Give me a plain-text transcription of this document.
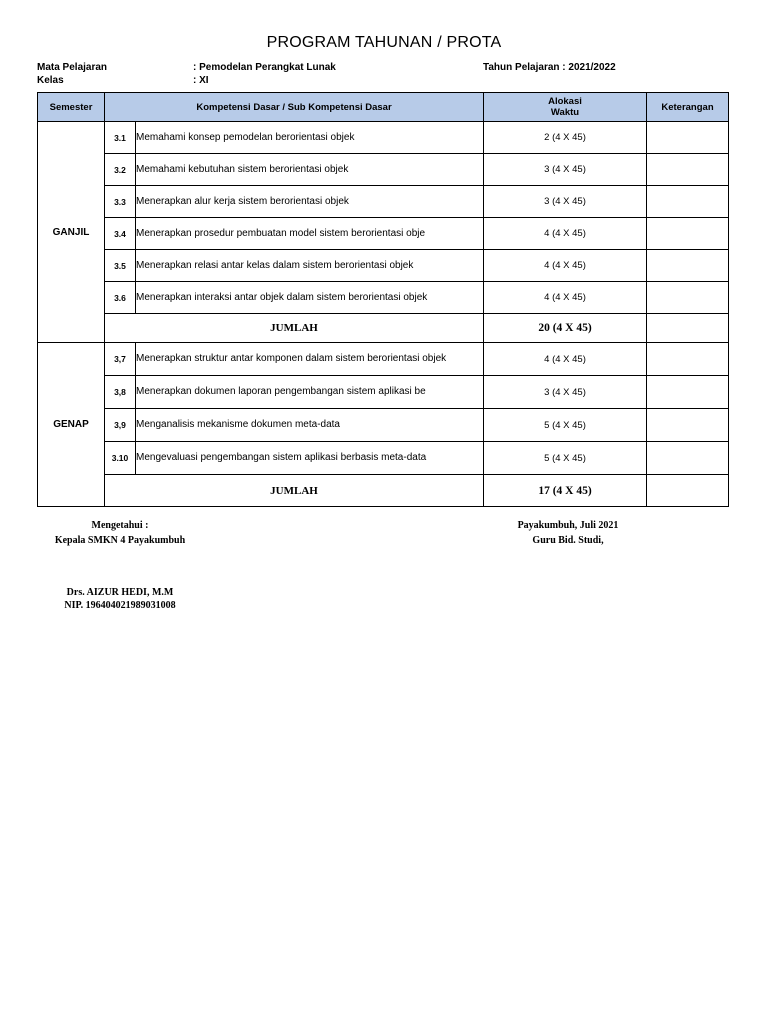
PROGRAM TAHUNAN / PROTA
Mata Pelajaran	: Pemodelan Perangkat Lunak	Tahun Pelajaran : 2021/2022
Kelas	: XI
Semester	Kompetensi Dasar / Sub Kompetensi Dasar		Alokasi
Waktu	Keterangan
GANJIL	3.1	Memahami konsep pemodelan berorientasi objek	2 (4 X 45)	
	3.2	Memahami kebutuhan sistem berorientasi objek	3 (4 X 45)	
	3.3	Menerapkan alur kerja sistem berorientasi objek	3 (4 X 45)	
	3.4	Menerapkan prosedur pembuatan model sistem berorientasi obje	4 (4 X 45)	
	3.5	Menerapkan relasi antar kelas dalam sistem berorientasi objek	4 (4 X 45)	
	3.6	Menerapkan interaksi antar objek dalam sistem berorientasi objek	4 (4 X 45)	
	JUMLAH		20 (4 X 45)	
GENAP	3,7	Menerapkan struktur antar komponen dalam sistem berorientasi objek	4 (4 X 45)	
	3,8	Menerapkan dokumen laporan pengembangan sistem aplikasi be	3 (4 X 45)	
	3,9	Menganalisis mekanisme dokumen meta-data	5 (4 X 45)	
	3.10	Mengevaluasi pengembangan sistem aplikasi berbasis meta-data	5 (4 X 45)	
	JUMLAH		17 (4 X 45)	
Mengetahui :
Kepala SMKN 4 Payakumbuh
Drs. AIZUR HEDI, M.M
NIP. 196404021989031008
Payakumbuh, Juli 2021
Guru Bid. Studi,
